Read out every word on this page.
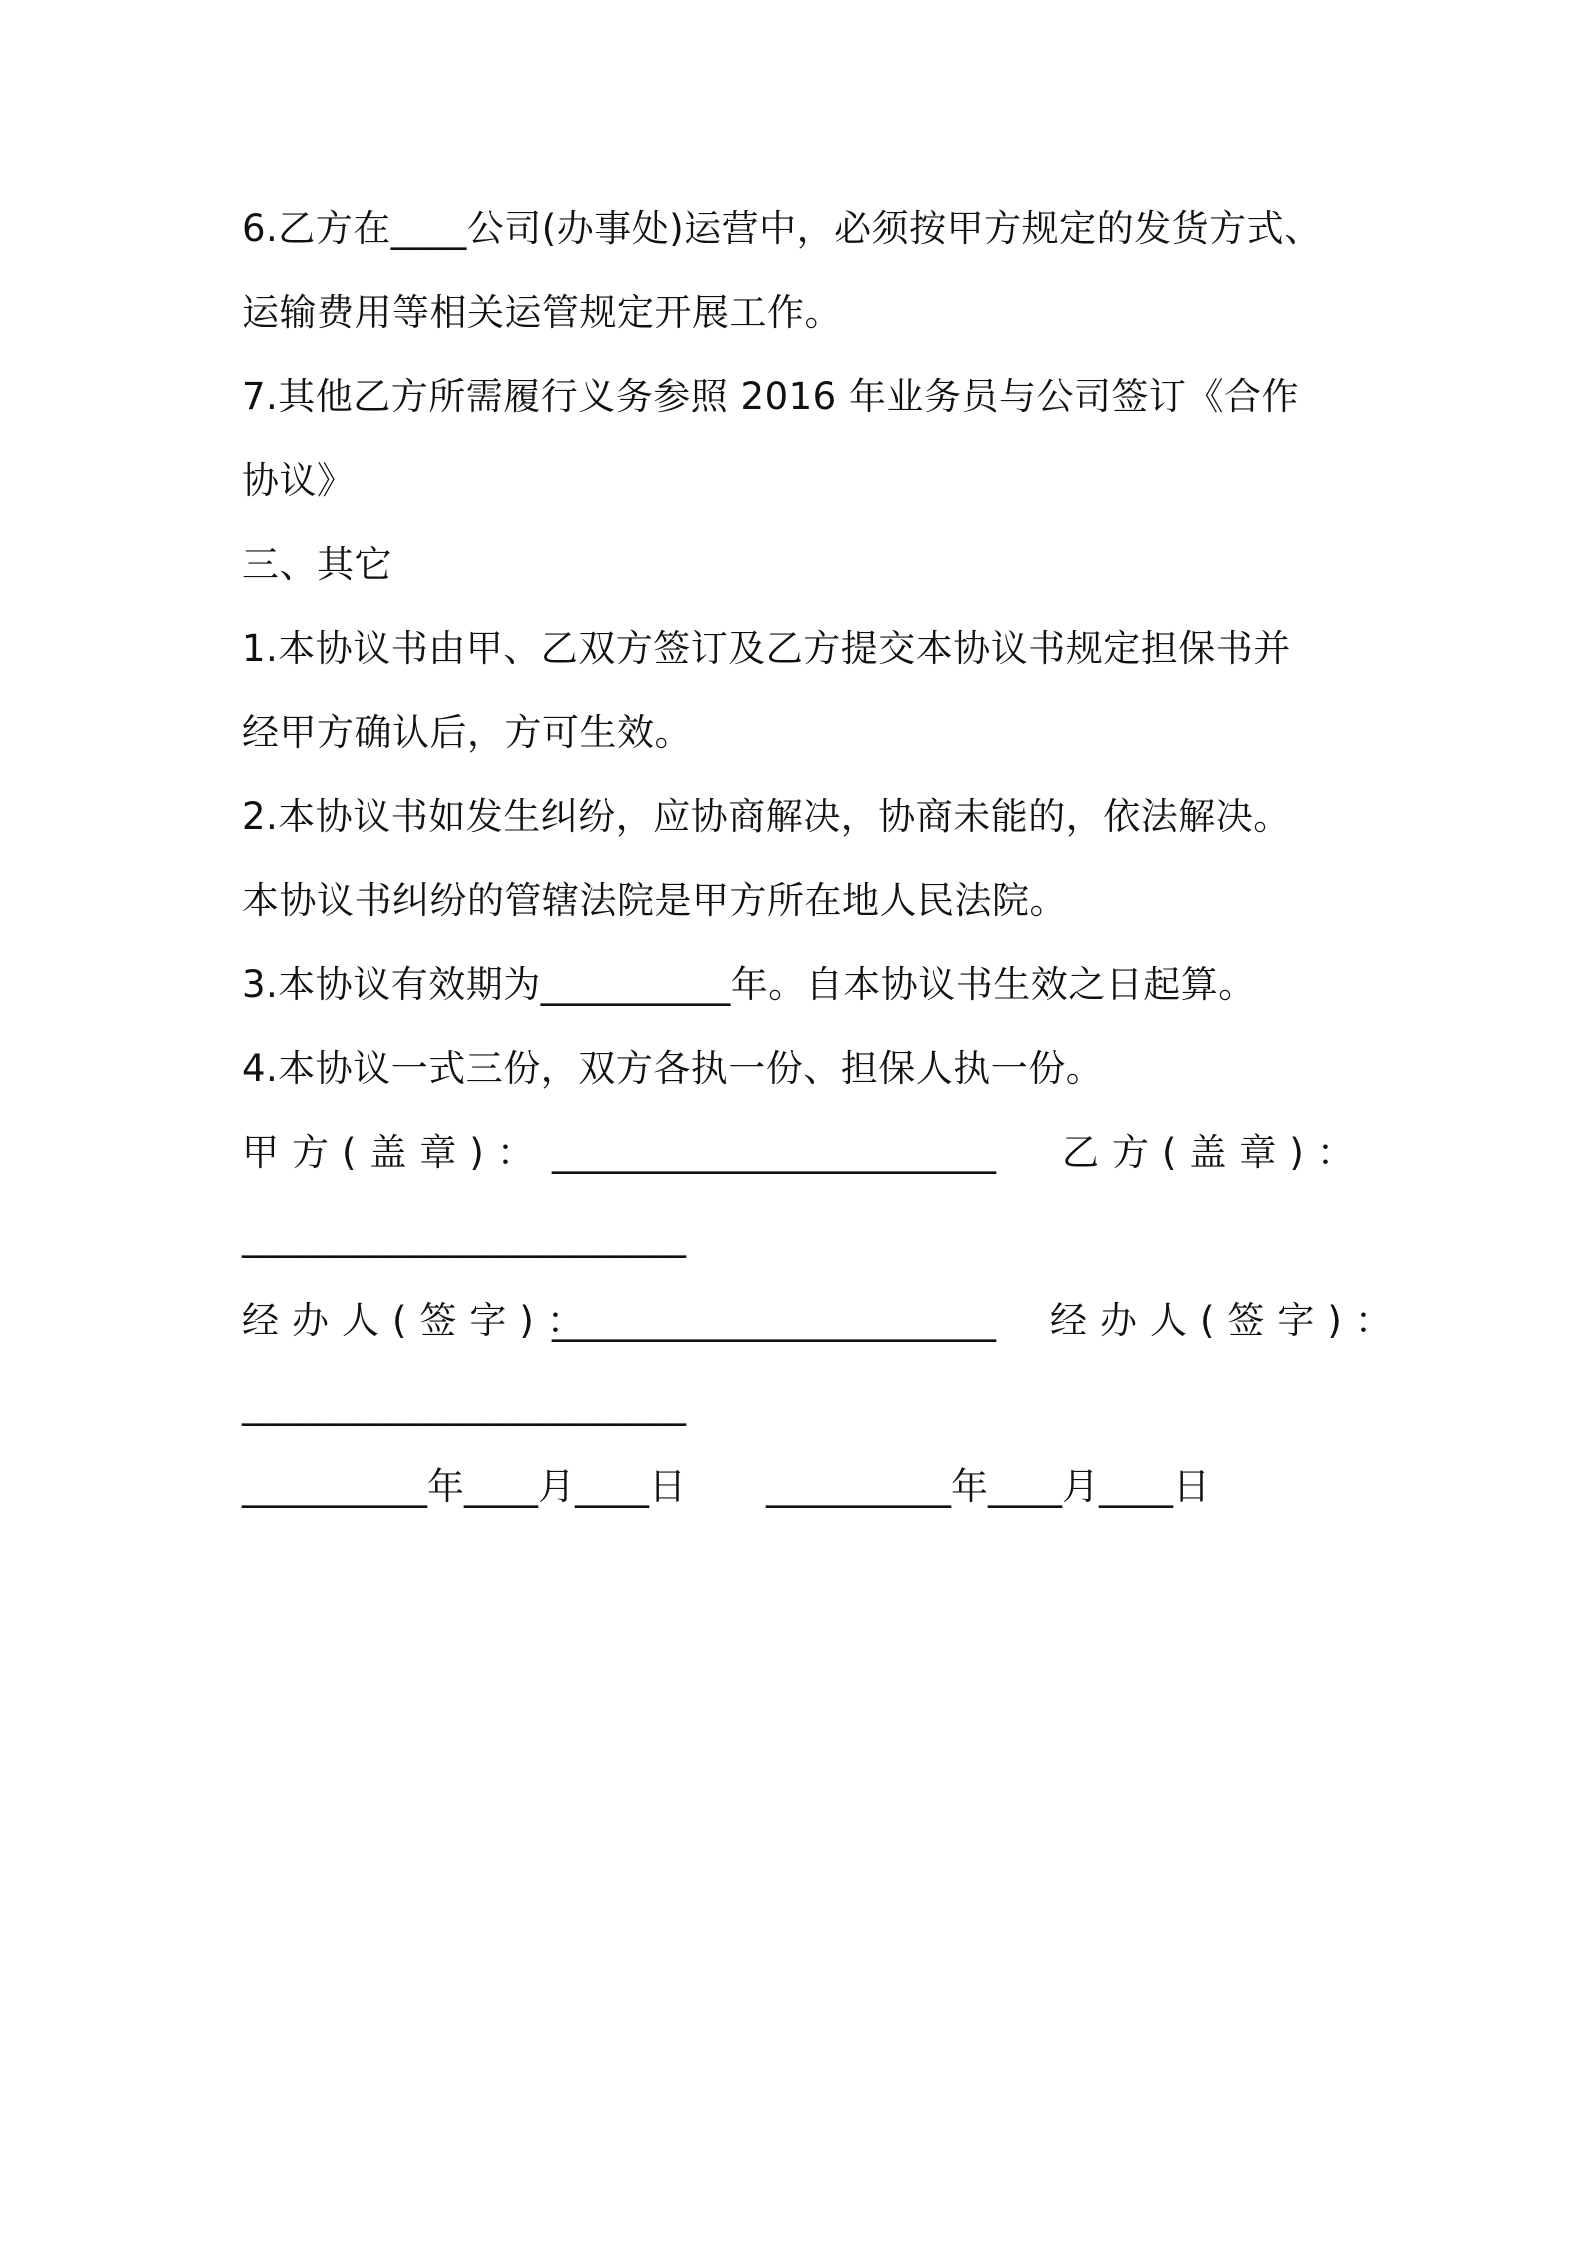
6.乙方在____公司(办事处)运营中，必须按甲方规定的发货方式、
运输费用等相关运管规定开展工作。
7.其他乙方所需履行义务参照 2016 年业务员与公司签订《合作
协议》
三、其它
1.本协议书由甲、乙双方签订及乙方提交本协议书规定担保书并
经甲方确认后，方可生效。
2.本协议书如发生纠纷，应协商解决，协商未能的，依法解决。
本协议书纠纷的管辖法院是甲方所在地人民法院。
3.本协议有效期为__________年。自本协议书生效之日起算。
4.本协议一式三份，双方各执一份、担保人执一份。
甲方(盖章)： ________________________ 乙方(盖章)：
________________________
经办人(签字)：
________________________ 经办人(签字)：
________________________
__________年____月____日 __________年____月____日
